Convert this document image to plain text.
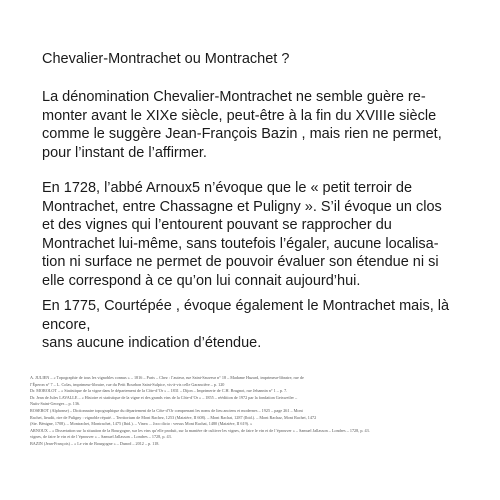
Chevalier-Montrachet ou Montrachet ?
La dénomination Chevalier-Montrachet ne semble guère re-
monter avant le XIXe siècle, peut-être à la fin du XVIIIe siècle
comme le suggère Jean-François Bazin , mais rien ne permet,
pour l’instant de l’affirmer.
En 1728, l’abbé Arnoux5 n’évoque que le « petit terroir de
Montrachet, entre Chassagne et Puligny ». S’il évoque un clos
et des vignes qui l’entourent pouvant se rapprocher du
Montrachet lui-même, sans toutefois l’égaler, aucune localisa-
tion ni surface ne permet de pouvoir évaluer son étendue ni si
elle correspond à ce qu’on lui connait aujourd’hui.
En 1775, Courtépée , évoque également le Montrachet mais, là
encore,
sans aucune indication d’étendue.
A. JULIEN – « Topographie de tous les vignobles connus » – 1816 – Paris – Chez : l’auteur, rue Saint-Sauveur n° 18 – Madame Huzard, imprimeur-libraire, rue de
l’Éperon n° 7 – L. Colas, imprimeur-libraire, rue du Petit Bourbon Saint-Sulpice, vis-à-vis celle Garancière – p. 120
Dr. MOROLOT – « Statistique de la vigne dans le département de la Côte-d’Or » – 1831 – Dijon – Imprimerie de C.H. Brugnot, rue Jehannin n° 1 – p. 7.
Dr. Jean de Jules LAVALLE – « Histoire et statistique de la vigne et des grands vins de la Côte-d’Or » – 1855 – réédition de 1972 par la fondation Geisweiler –
Nuits-Saint-Georges – p. 136.
ROSEROT (Alphonse) – Dictionnaire topographique du département de la Côte-d’Or comprenant les noms de lieu anciens et modernes – 1925 – page 261 – Mont
Rachet, lieudit, rire de Puligny : vignoble réputé. – Territorium de Mont Rachez, 1253 (Maizière, II 608). – Mont Rachat, 1287 (Ibid.). – Mont Rachaz, Mont Rachet, 1472
(Ste. Bénigne, 1708). – Montrachet, Montrachet, 1475 (Ibid.). – Vinea ... Joco dicto : versus Mont Rachat, 1480 (Maizière, II 619). »
ARNOUX – « Dissertation sur la situation de la Bourgogne, sur les vins qu’elle produit, sur la manière de cultiver les vignes, de faire le vin et de l’éprouver » – Samuel Jallasson – Londres – 1728, p. 43.
vignes, de faire le vin et de l’éprouver » – Samuel Jallasson – Londres – 1728, p. 43.
BAZIN (Jean-François) – « Le vin de Bourgogne » – Dunod – 2012 – p. 118.
